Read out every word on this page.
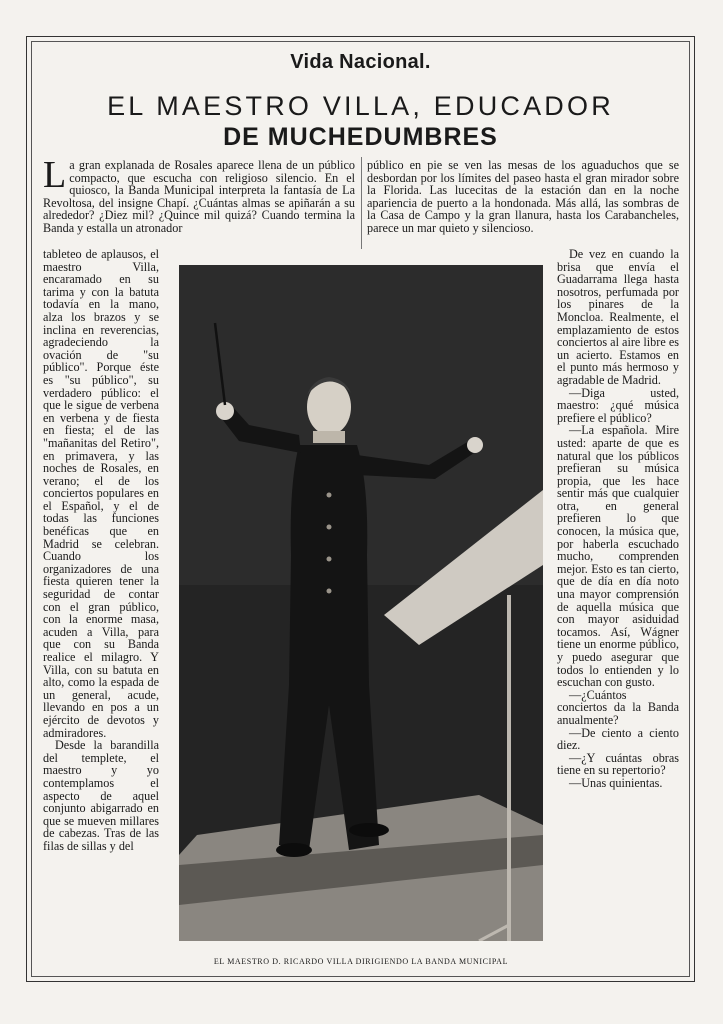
Vida Nacional.
EL MAESTRO VILLA, EDUCADOR
DE MUCHEDUMBRES

La gran explanada de Rosales aparece llena de un público compacto, que escucha con religioso silencio. En el quiosco, la Banda Municipal interpreta la fantasía de La Revoltosa, del insigne Chapí. ¿Cuántas almas se apiñarán a su alrededor? ¿Diez mil? ¿Quince mil quizá? Cuando termina la Banda y estalla un atronador

público en pie se ven las mesas de los aguaduchos que se desbordan por los límites del paseo hasta el gran mirador sobre la Florida. Las lucecitas de la estación dan en la noche apariencia de puerto a la hondonada. Más allá, las sombras de la Casa de Campo y la gran llanura, hasta los Carabancheles, parece un mar quieto y silencioso.

tableteo de aplausos, el maestro Villa, encaramado en su tarima y con la batuta todavía en la mano, alza los brazos y se inclina en reverencias, agradeciendo la ovación de "su público". Porque éste es "su público", su verdadero público: el que le sigue de verbena en verbena y de fiesta en fiesta; el de las "mañanitas del Retiro", en primavera, y las noches de Rosales, en verano; el de los conciertos populares en el Español, y el de todas las funciones benéficas que en Madrid se celebran. Cuando los organizadores de una fiesta quieren tener la seguridad de contar con el gran público, con la enorme masa, acuden a Villa, para que con su Banda realice el milagro. Y Villa, con su batuta en alto, como la espada de un general, acude, llevando en pos a un ejército de devotos y admiradores.

Desde la barandilla del templete, el maestro y yo contemplamos el aspecto de aquel conjunto abigarrado en que se mueven millares de cabezas. Tras de las filas de sillas y del

De vez en cuando la brisa que envía el Guadarrama llega hasta nosotros, perfumada por los pinares de la Moncloa. Realmente, el emplazamiento de estos conciertos al aire libre es un acierto. Estamos en el punto más hermoso y agradable de Madrid.

—Diga usted, maestro: ¿qué música prefiere el público?

—La española. Mire usted: aparte de que es natural que los públicos prefieran su música propia, que les hace sentir más que cualquier otra, en general prefieren lo que conocen, la música que, por haberla escuchado mucho, comprenden mejor. Esto es tan cierto, que de día en día noto una mayor comprensión de aquella música que con mayor asiduidad tocamos. Así, Wágner tiene un enorme público, y puedo asegurar que todos lo entienden y lo escuchan con gusto.

—¿Cuántos conciertos da la Banda anualmente?

—De ciento a ciento diez.

—¿Y cuántas obras tiene en su repertorio?

—Unas quinientas.

EL MAESTRO D. RICARDO VILLA DIRIGIENDO LA BANDA MUNICIPAL
